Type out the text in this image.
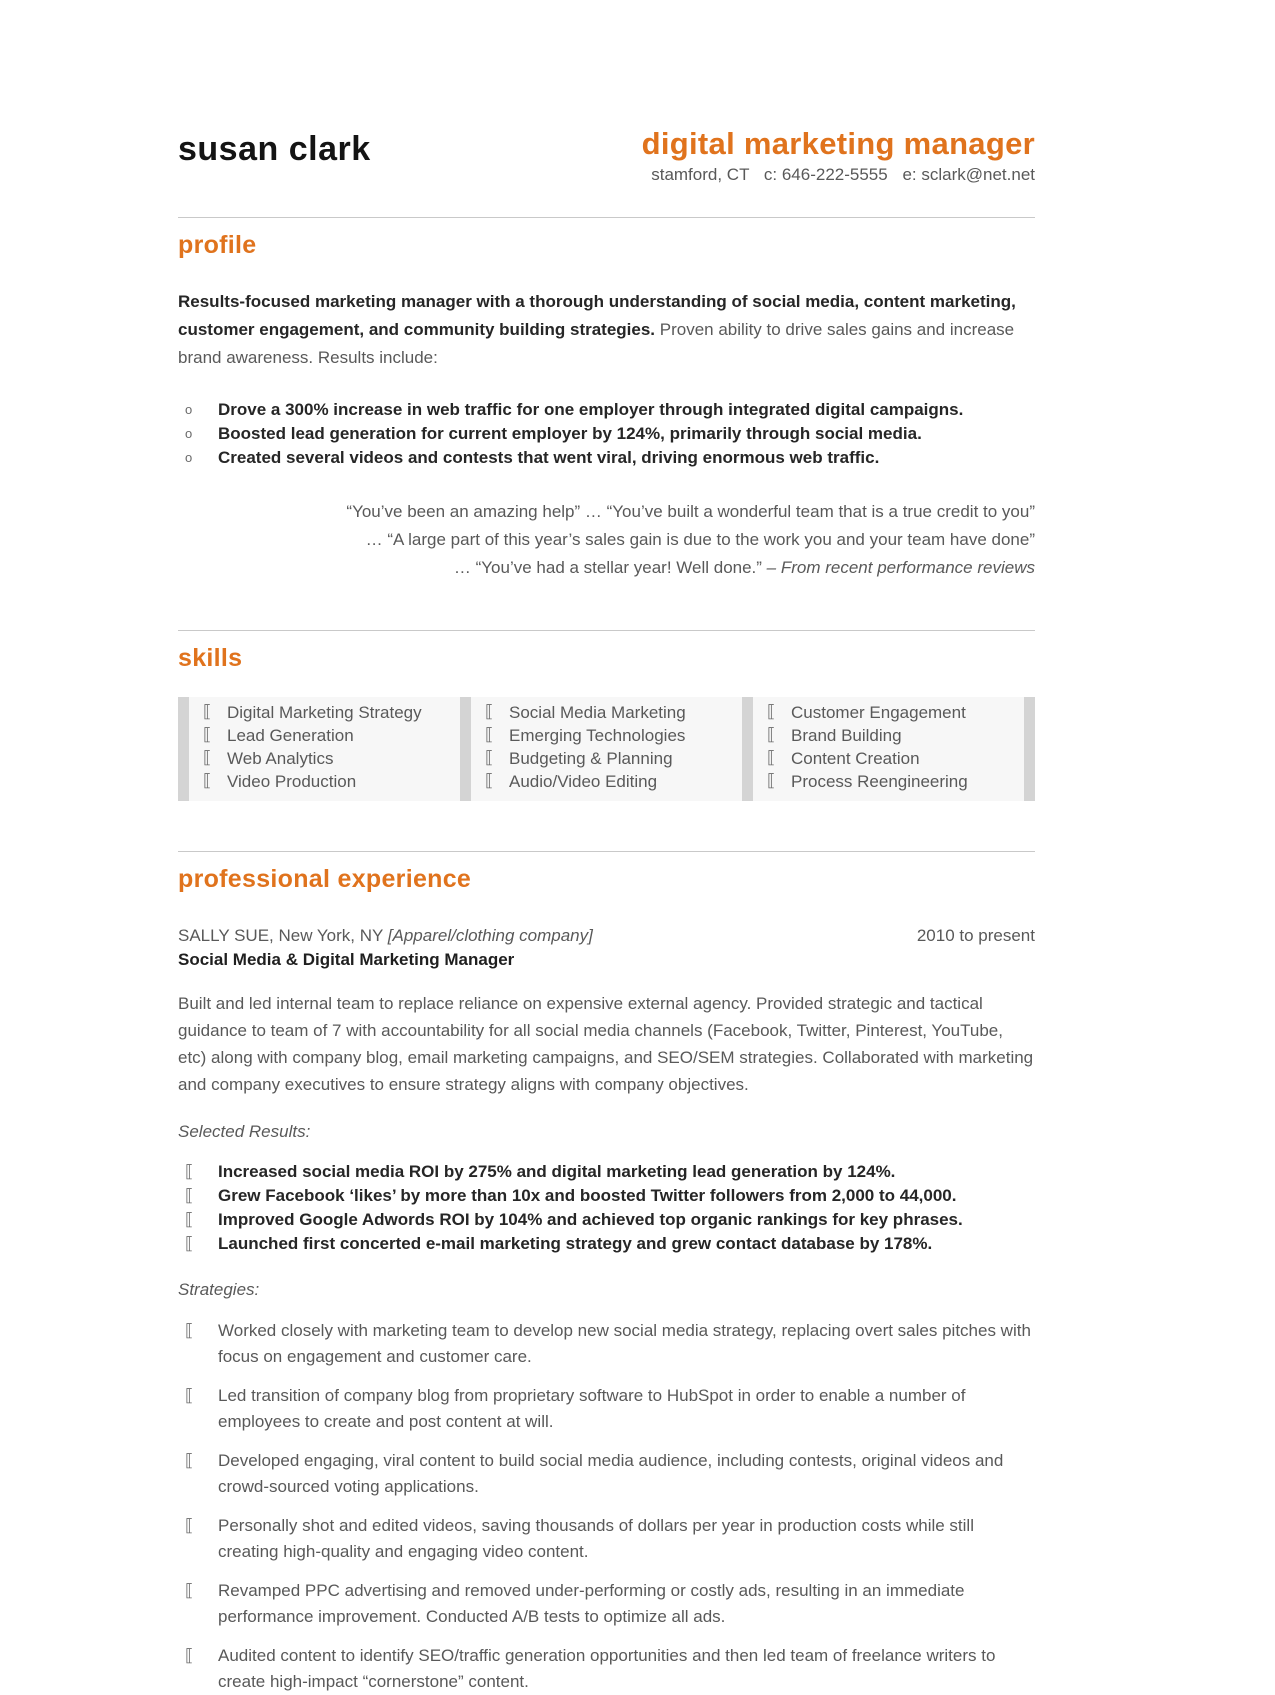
susan clark	digital marketing manager
stamford, CT c: 646-222-5555 e: sclark@net.net
profile

Results-focused marketing manager with a thorough understanding of social media, content marketing, customer engagement, and community building strategies. Proven ability to drive sales gains and increase brand awareness. Results include:

o	Drove a 300% increase in web traffic for one employer through integrated digital campaigns.
o	Boosted lead generation for current employer by 124%, primarily through social media.
o	Created several videos and contests that went viral, driving enormous web traffic.
“You’ve been an amazing help” … “You’ve built a wonderful team that is a true credit to you”
… “A large part of this year’s sales gain is due to the work you and your team have done”
… “You’ve had a stellar year! Well done.” – From recent performance reviews
skills
⟦ Digital Marketing Strategy
⟦ Lead Generation
⟦ Web Analytics
⟦ Video Production
⟦ Social Media Marketing
⟦ Emerging Technologies
⟦ Budgeting & Planning
⟦ Audio/Video Editing
⟦ Customer Engagement
⟦ Brand Building
⟦ Content Creation
⟦ Process Reengineering
professional experience
SALLY SUE, New York, NY [Apparel/clothing company]	2010 to present
Social Media & Digital Marketing Manager

Built and led internal team to replace reliance on expensive external agency. Provided strategic and tactical guidance to team of 7 with accountability for all social media channels (Facebook, Twitter, Pinterest, YouTube, etc) along with company blog, email marketing campaigns, and SEO/SEM strategies. Collaborated with marketing and company executives to ensure strategy aligns with company objectives.

Selected Results:
⟦	Increased social media ROI by 275% and digital marketing lead generation by 124%.
⟦	Grew Facebook ‘likes’ by more than 10x and boosted Twitter followers from 2,000 to 44,000.
⟦	Improved Google Adwords ROI by 104% and achieved top organic rankings for key phrases.
⟦	Launched first concerted e-mail marketing strategy and grew contact database by 178%.
Strategies:
⟦	Worked closely with marketing team to develop new social media strategy, replacing overt sales pitches with focus on engagement and customer care.
⟦	Led transition of company blog from proprietary software to HubSpot in order to enable a number of employees to create and post content at will.
⟦	Developed engaging, viral content to build social media audience, including contests, original videos and crowd-sourced voting applications.
⟦	Personally shot and edited videos, saving thousands of dollars per year in production costs while still creating high-quality and engaging video content.
⟦	Revamped PPC advertising and removed under-performing or costly ads, resulting in an immediate performance improvement. Conducted A/B tests to optimize all ads.
⟦	Audited content to identify SEO/traffic generation opportunities and then led team of freelance writers to create high-impact “cornerstone” content.
